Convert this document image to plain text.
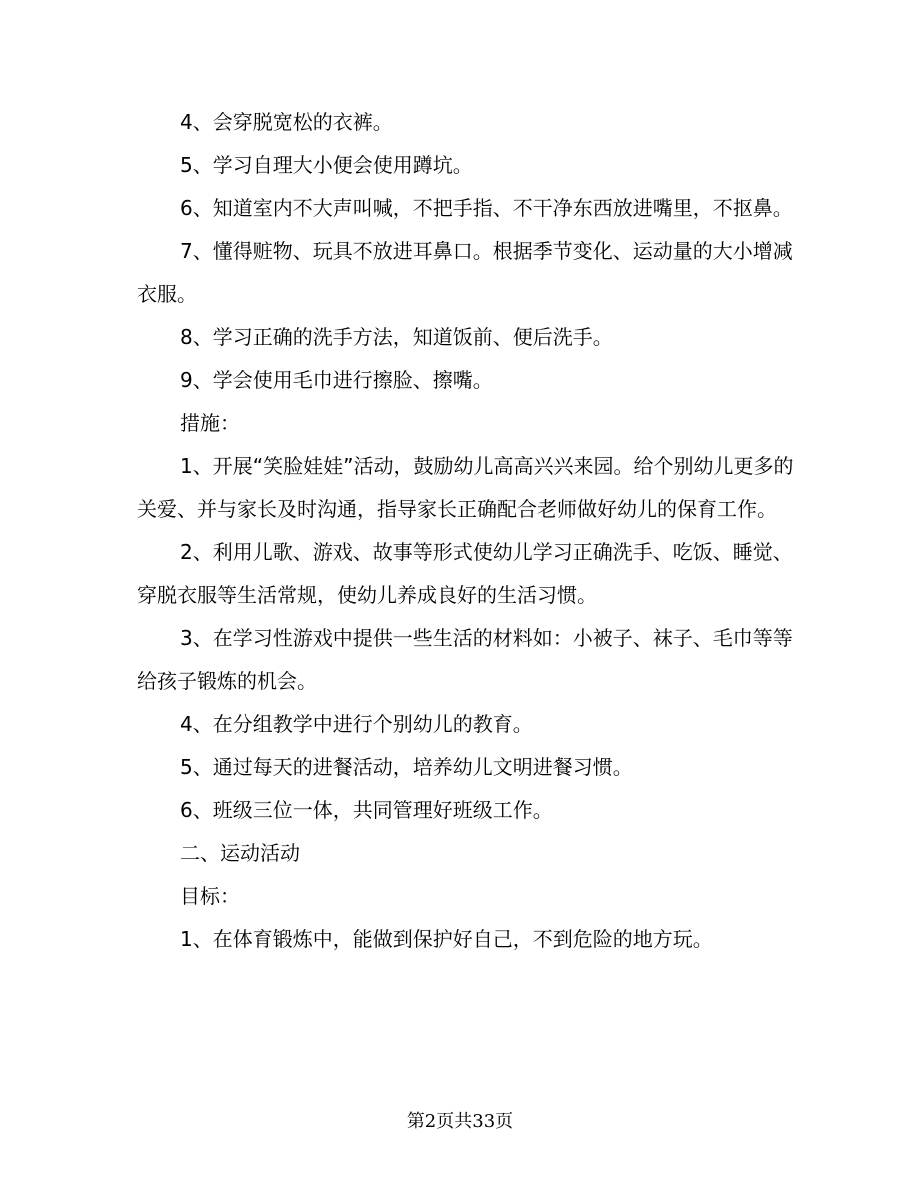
4、会穿脱宽松的衣裤。

5、学习自理大小便会使用蹲坑。

6、知道室内不大声叫喊，不把手指、不干净东西放进嘴里，不抠鼻。

7、懂得赃物、玩具不放进耳鼻口。根据季节变化、运动量的大小增减衣服。

8、学习正确的洗手方法，知道饭前、便后洗手。

9、学会使用毛巾进行擦脸、擦嘴。

措施：

1、开展“笑脸娃娃”活动，鼓励幼儿高高兴兴来园。给个别幼儿更多的关爱、并与家长及时沟通，指导家长正确配合老师做好幼儿的保育工作。

2、利用儿歌、游戏、故事等形式使幼儿学习正确洗手、吃饭、睡觉、穿脱衣服等生活常规，使幼儿养成良好的生活习惯。

3、在学习性游戏中提供一些生活的材料如：小被子、袜子、毛巾等等给孩子锻炼的机会。

4、在分组教学中进行个别幼儿的教育。

5、通过每天的进餐活动，培养幼儿文明进餐习惯。

6、班级三位一体，共同管理好班级工作。

二、运动活动

目标：

1、在体育锻炼中，能做到保护好自己，不到危险的地方玩。

第2页共33页
